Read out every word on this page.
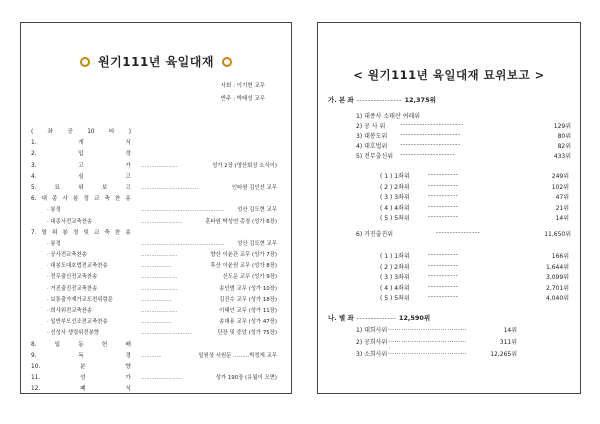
원기111년 육일대재
사회 : 이기현 교무
반주 : 박태성 교무
( 좌 공 10 타 )
1.	개	식
2.	입	정
3.	고	가 …………………	성가 2장 (영산회상 소식이)
4.	심	고
5.	묘	위	보	고 ……………………………	인타원 김인선 교무
6. 대 종 사 봉 정 교 축 찬 송
· 봉정	………………………………………… 성산 김도현 교무
· 대종사전교축찬송	……………………	훈타원 박성연 총장 (성가 6장)
7. 열 위 봉 정 및 교 축 찬 송
· 봉정	………………………………………… 성산 김도현 교무
· 공사전교축찬송	…………………	향산 이윤관 교무 (성가 7장)
· 대봉도대호법전교축찬송	………………	후산 이윤원 교무 (성가 8장)
· 전무출신전교축찬송	…………………	신도운 교무 (성가 9장)
· 거진출진전교축찬송	…………………	송인범 교무 (성가 10장)
· 보통출가재가교도전위령문	………………	김진수 교무 (성가 18장)
· 희사위전교축찬송	…………………	이혜인 교무 (성가 11장)
· 일반부모선조전교축찬송	………………	송대용 교무 (성가 47장)
· 선성사 생령위전봉향	…………………………	단장 및 중앙 (성가 75장)
8.	일	동	헌	배
9.	독	경 …………	일원상 서원문 ………박정재 교무
10.	분	향
11.	성	가 ……………………	성가 190장 (유월이 오면)
12.	폐	식
< 원기111년 육일대재 묘위보고 >
가. 본 좌 ---------------- 12,375위
1) 대종사 소태산 여래위
2) 공 사 위 -----------------------	129위
3) 대봉도위 ----------------------	80위
4) 대호법위 ----------------------	82위
5) 전무출신위 --------------------	433위
( 1 ) 1좌위	-----------	249위
( 2 ) 2좌위	-----------	102위
( 3 ) 3좌위	-----------	47위
( 4 ) 4좌위	-----------	21위
( 5 ) 5좌위	-----------	14위
6) 거진출진위	----------------	11,650위
( 1 ) 1좌위	-----------	166위
( 2 ) 2좌위	-----------	1,644위
( 3 ) 3좌위	-----------	3,099위
( 4 ) 4좌위	-----------	2,701위
( 5 ) 5좌위	-----------	4,040위
나. 별 좌 -------------- 12,590위
1) 대희사위 ………………………………	14위
2) 공희사위 ………………………………	311위
3) 소희사위 ………………………………	12,265위
